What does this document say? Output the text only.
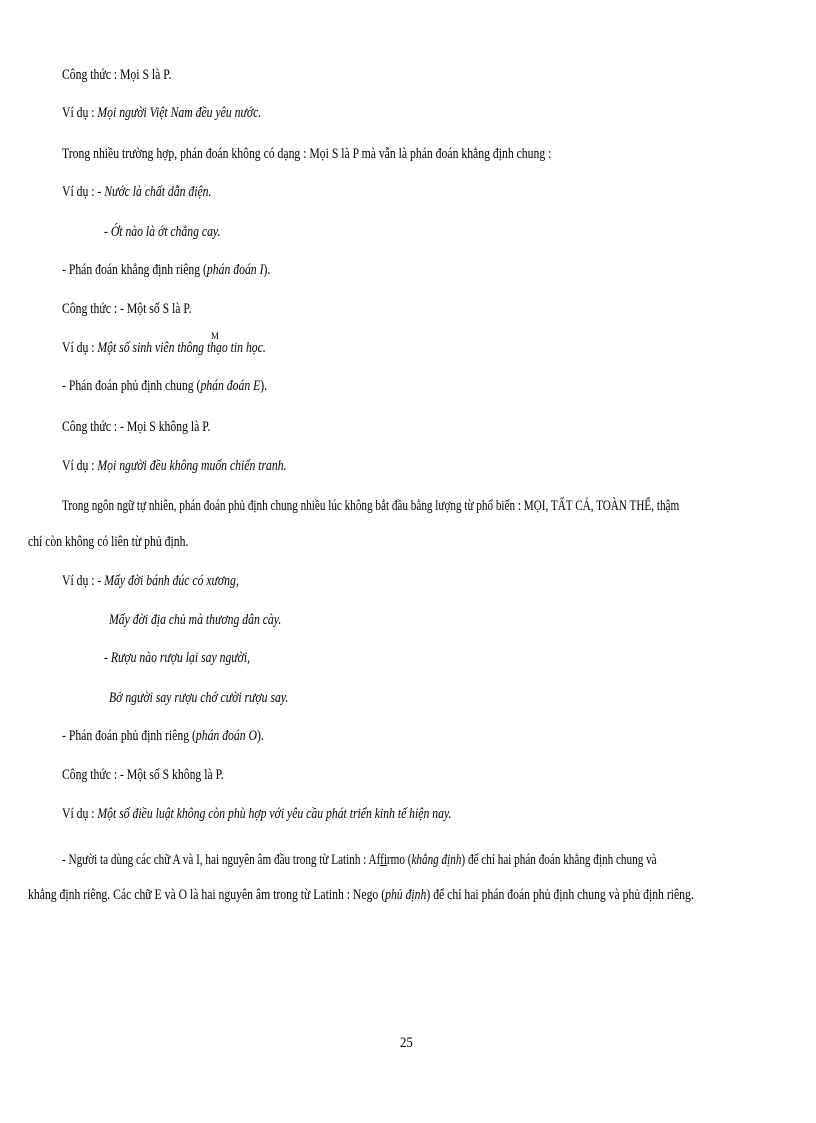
Công thức : Mọi S là P.
Ví dụ : Mọi người Việt Nam đều yêu nước.
Trong nhiều trường hợp, phán đoán không có dạng : Mọi S là P mà vẫn là phán đoán khẳng định chung :
Ví dụ : - Nước là chất dẫn điện.
- Ớt nào là ớt chẳng cay.
- Phán đoán khẳng định riêng (phán đoán I).
Công thức : - Một số S là P.
Ví dụ : Một số sinh viên thông thạo tin học.
M
- Phán đoán phủ định chung (phán đoán E).
Công thức : - Mọi S không là P.
Ví dụ : Mọi người đều không muốn chiến tranh.
Trong ngôn ngữ tự nhiên, phán đoán phủ định chung nhiều lúc không bắt đầu bằng lượng từ phổ biến : MỌI, TẤT CẢ, TOÀN THỂ, thậm
chí còn không có liên từ phủ định.
Ví dụ : - Mấy đời bánh đúc có xương,
Mấy đời địa chủ mà thương dân cày.
- Rượu nào rượu lại say người,
Bở người say rượu chớ cười rượu say.
- Phán đoán phủ định riêng (phán đoán O).
Công thức : - Một số S không là P.
Ví dụ : Một số điều luật không còn phù hợp với yêu cầu phát triển kinh tế hiện nay.
- Người ta dùng các chữ A và I, hai nguyên âm đầu trong từ Latinh : Affirmo (khẳng định) để chỉ hai phán đoán khẳng định chung và
khẳng định riêng. Các chữ E và O là hai nguyên âm trong từ Latinh : Nego (phủ định) để chỉ hai phán đoán phủ định chung và phủ định riêng.
25
